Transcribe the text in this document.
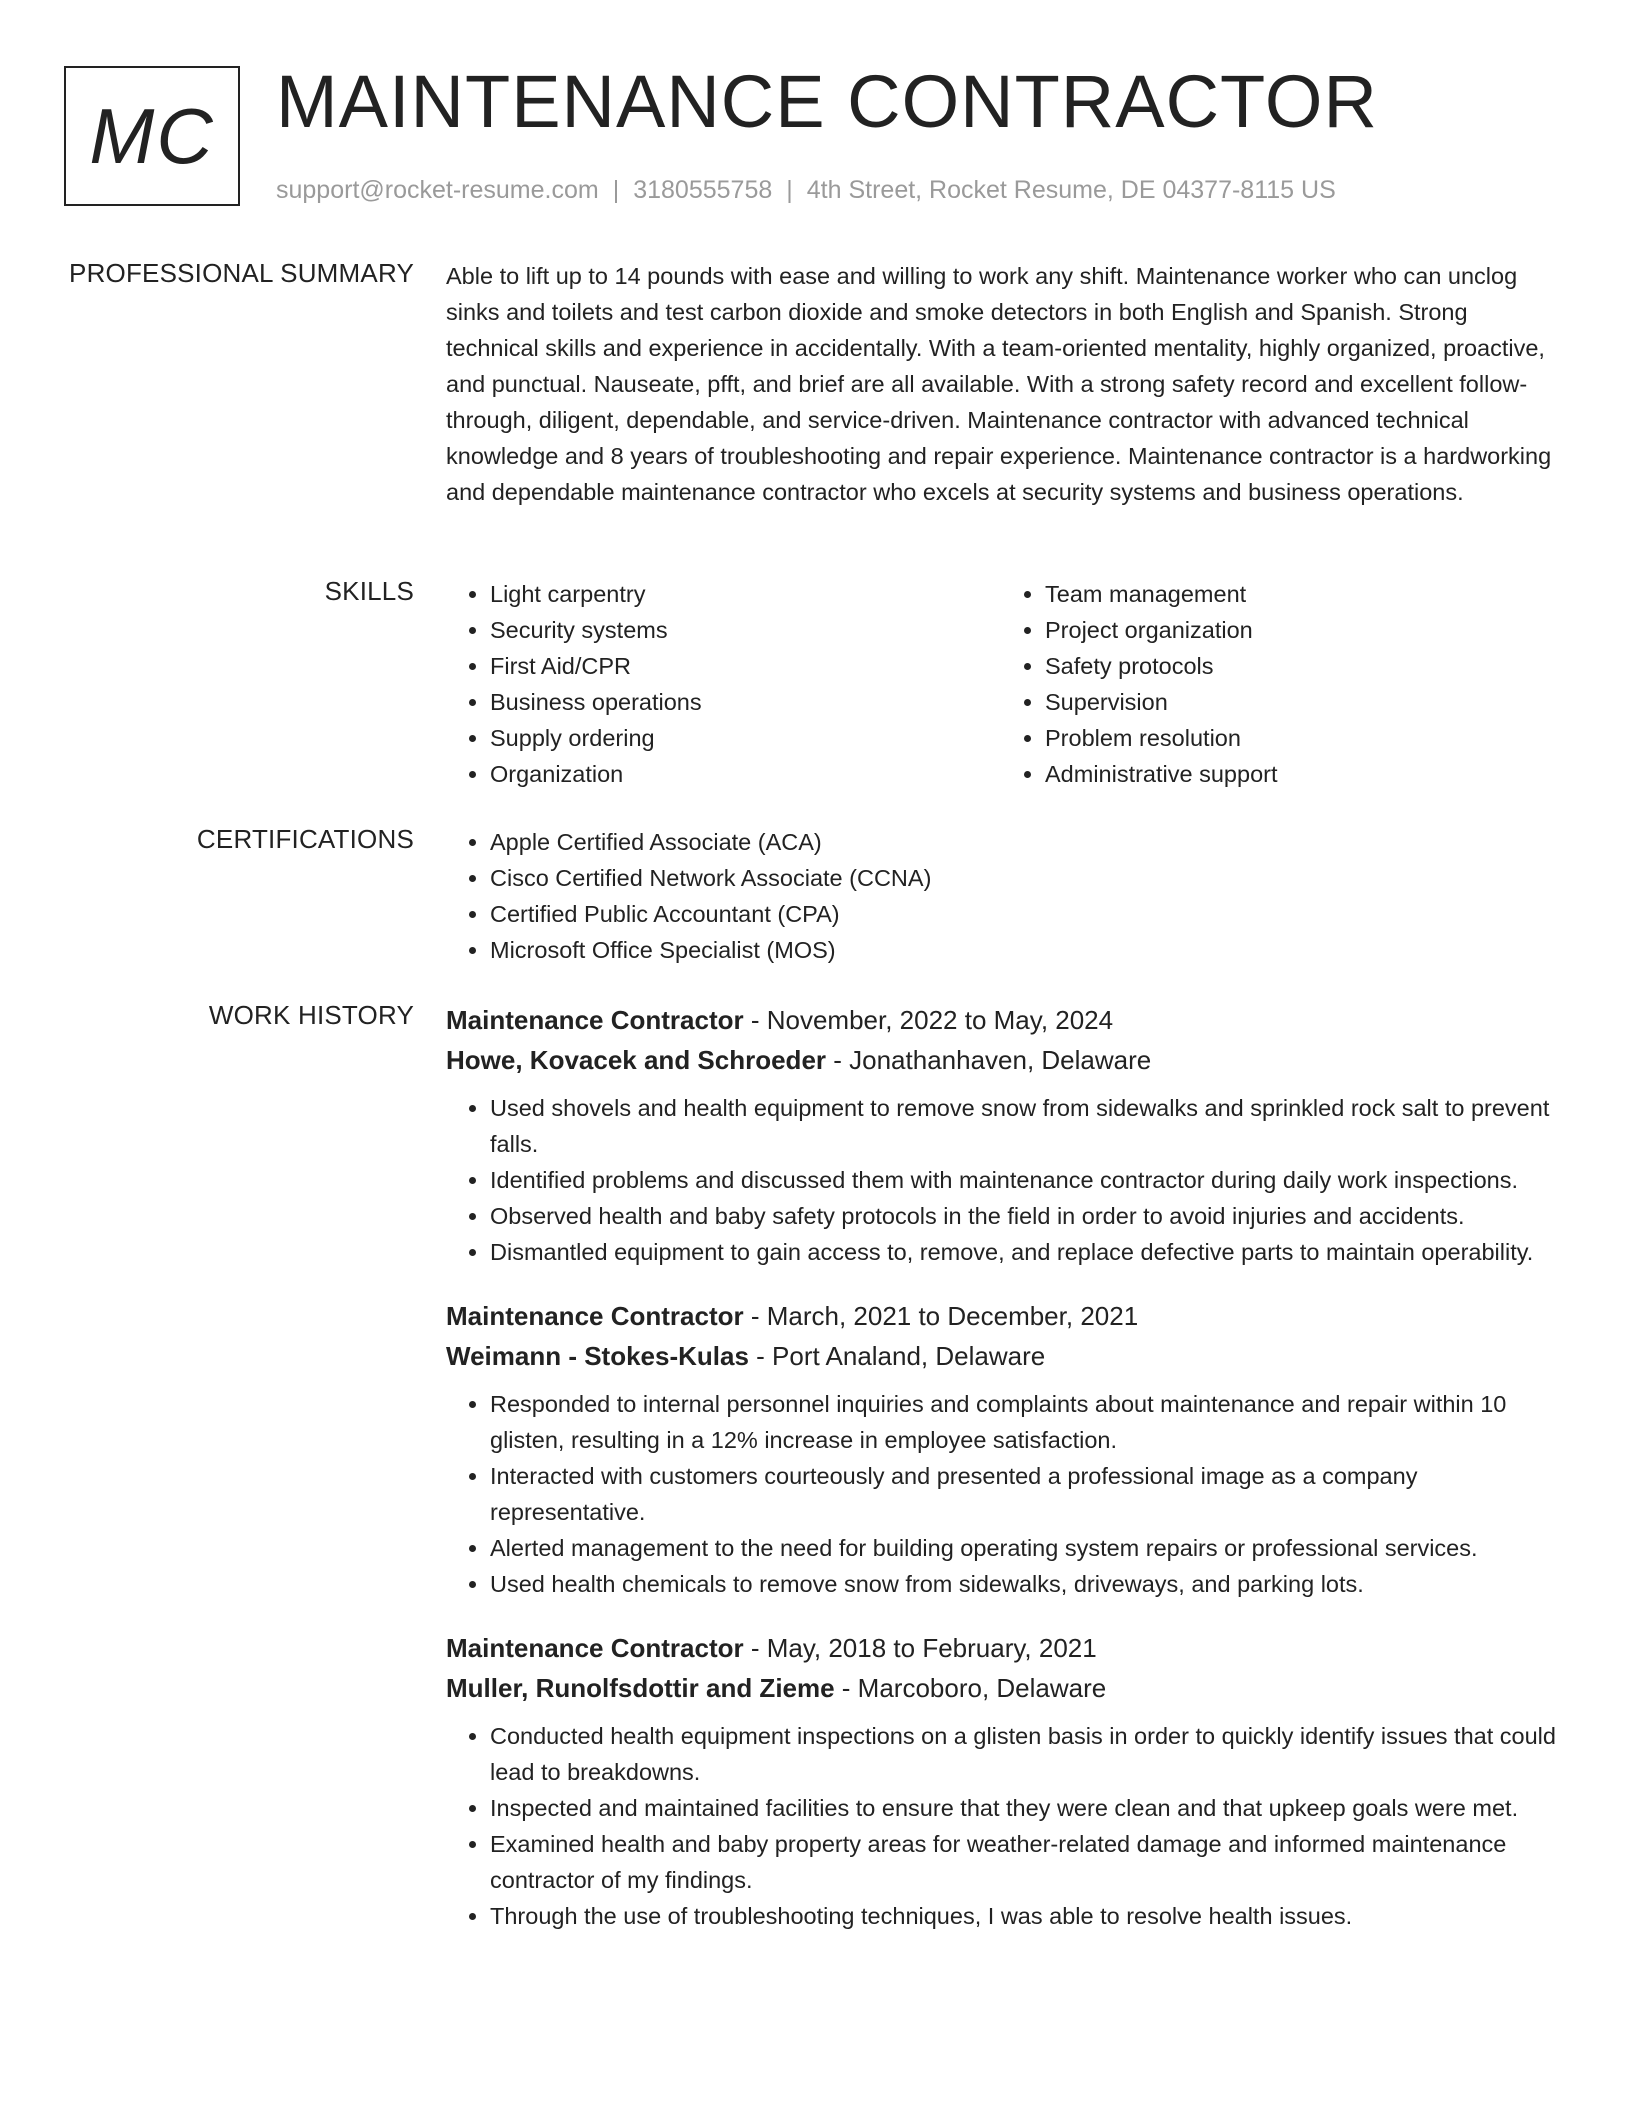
MC MAINTENANCE CONTRACTOR
support@rocket-resume.com | 3180555758 | 4th Street, Rocket Resume, DE 04377-8115 US
PROFESSIONAL SUMMARY Able to lift up to 14 pounds with ease and willing to work any shift. Maintenance worker who can unclog sinks and toilets and test carbon dioxide and smoke detectors in both English and Spanish. Strong technical skills and experience in accidentally. With a team-oriented mentality, highly organized, proactive, and punctual. Nauseate, pfft, and brief are all available. With a strong safety record and excellent follow-through, diligent, dependable, and service-driven. Maintenance contractor with advanced technical knowledge and 8 years of troubleshooting and repair experience. Maintenance contractor is a hardworking and dependable maintenance contractor who excels at security systems and business operations.

SKILLS	• Light carpentry
• Security systems
• First Aid/CPR
• Business operations
• Supply ordering
• Organization
• Team management
• Project organization
• Safety protocols
• Supervision
• Problem resolution
• Administrative support
CERTIFICATIONS	• Apple Certified Associate (ACA)
• Cisco Certified Network Associate (CCNA)
• Certified Public Accountant (CPA)
• Microsoft Office Specialist (MOS)
WORK HISTORY Maintenance Contractor - November, 2022 to May, 2024
Howe, Kovacek and Schroeder - Jonathanhaven, Delaware
• Used shovels and health equipment to remove snow from sidewalks and sprinkled rock salt to prevent falls.
• Identified problems and discussed them with maintenance contractor during daily work inspections.
• Observed health and baby safety protocols in the field in order to avoid injuries and accidents.
• Dismantled equipment to gain access to, remove, and replace defective parts to maintain operability.
Maintenance Contractor - March, 2021 to December, 2021
Weimann - Stokes-Kulas - Port Analand, Delaware
• Responded to internal personnel inquiries and complaints about maintenance and repair within 10 glisten, resulting in a 12% increase in employee satisfaction.
• Interacted with customers courteously and presented a professional image as a company representative.
• Alerted management to the need for building operating system repairs or professional services.
• Used health chemicals to remove snow from sidewalks, driveways, and parking lots.
Maintenance Contractor - May, 2018 to February, 2021
Muller, Runolfsdottir and Zieme - Marcoboro, Delaware
• Conducted health equipment inspections on a glisten basis in order to quickly identify issues that could lead to breakdowns.
• Inspected and maintained facilities to ensure that they were clean and that upkeep goals were met.
• Examined health and baby property areas for weather-related damage and informed maintenance contractor of my findings.
• Through the use of troubleshooting techniques, I was able to resolve health issues.
